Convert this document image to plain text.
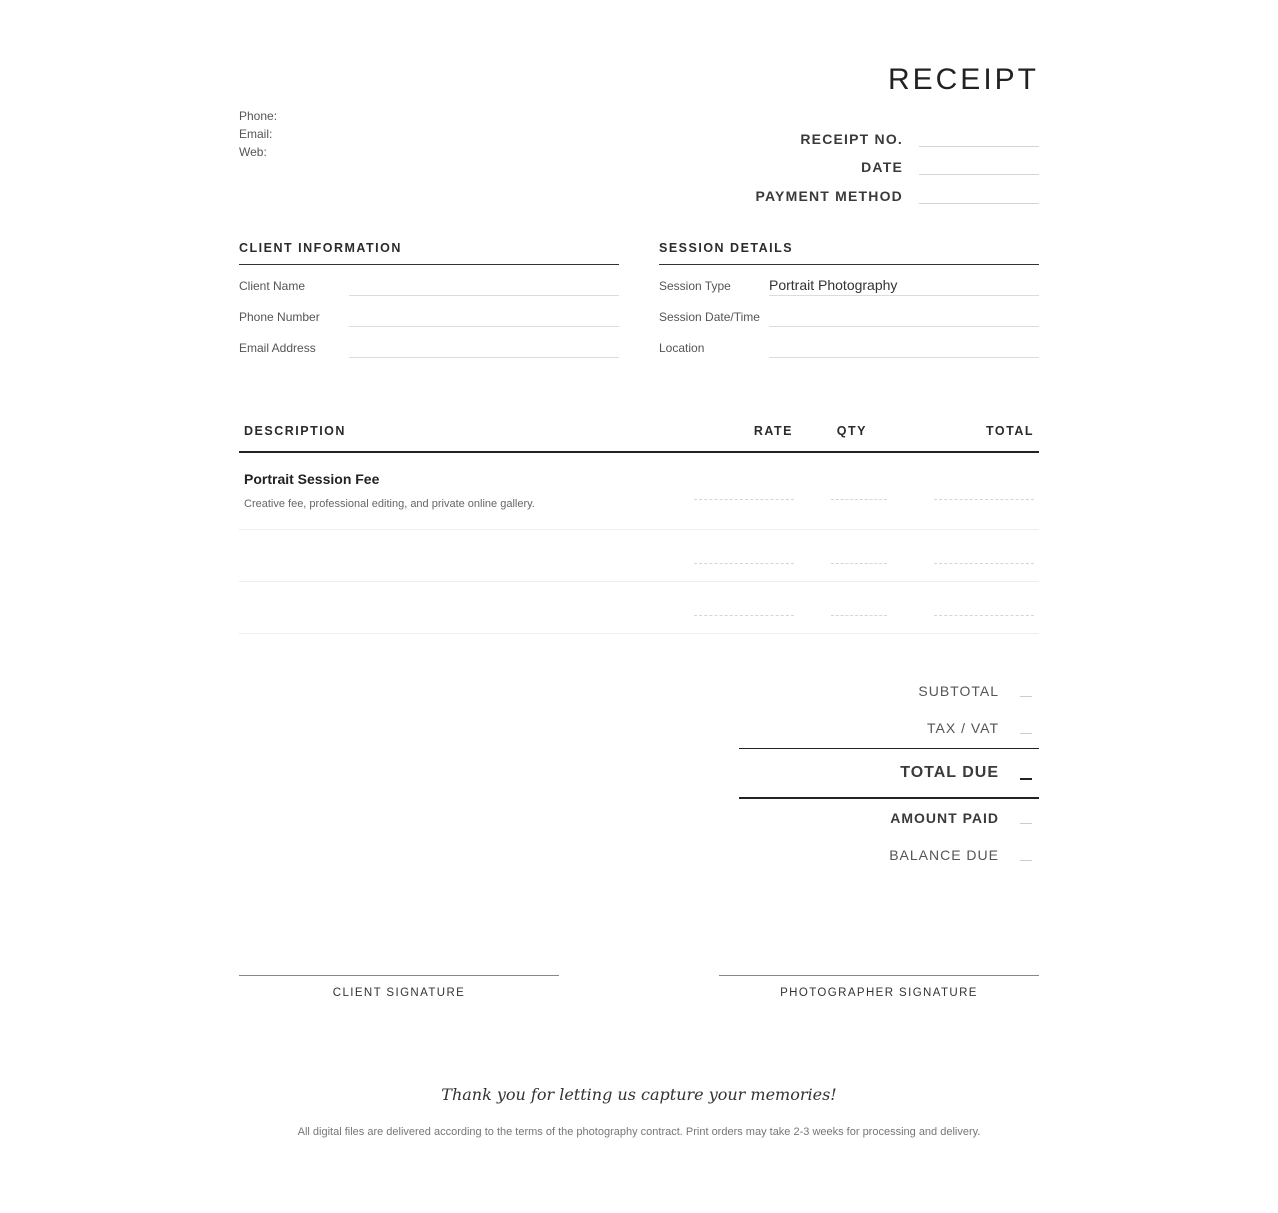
RECEIPT
Phone:
Email:
Web:
RECEIPT NO.
DATE
PAYMENT METHOD
CLIENT INFORMATION
Client Name
Phone Number
Email Address
SESSION DETAILS
Session Type	Portrait Photography
Session Date/Time
Location
DESCRIPTION	RATE	QTY	TOTAL
Portrait Session Fee
Creative fee, professional editing, and private online gallery.
SUBTOTAL
TAX / VAT
TOTAL DUE
AMOUNT PAID
BALANCE DUE
CLIENT SIGNATURE	PHOTOGRAPHER SIGNATURE
Thank you for letting us capture your memories!
All digital files are delivered according to the terms of the photography contract. Print orders may take 2-3 weeks for processing and delivery.
